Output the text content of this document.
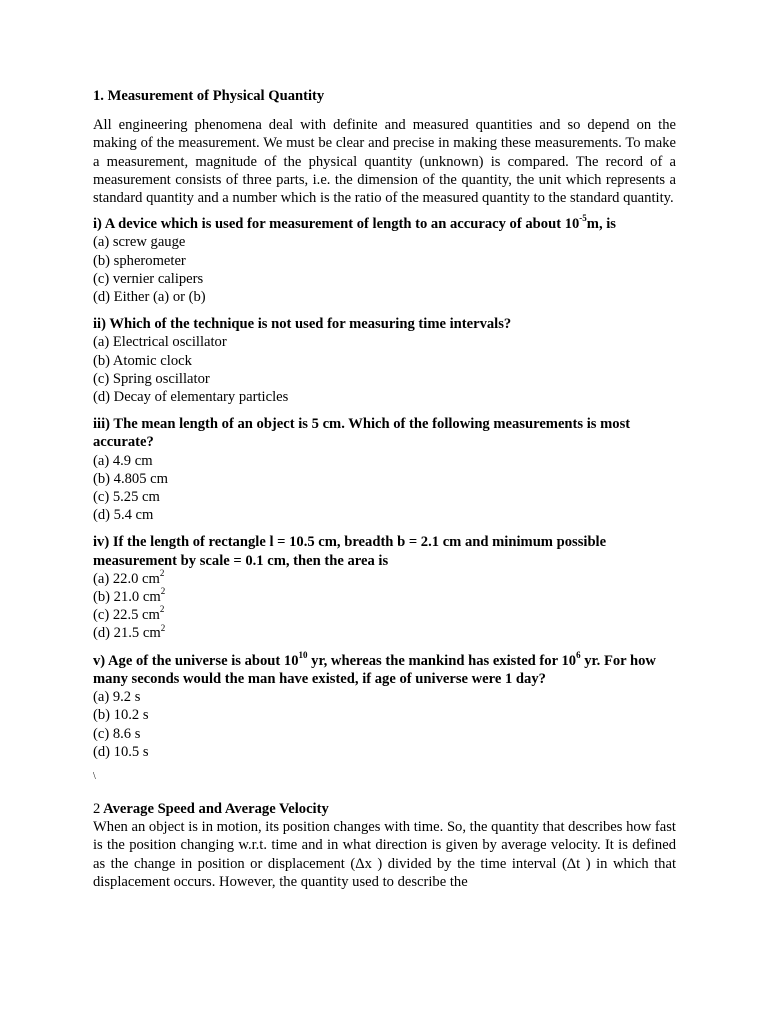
1. Measurement of Physical Quantity

All engineering phenomena deal with definite and measured quantities and so depend on the making of the measurement. We must be clear and precise in making these measurements. To make a measurement, magnitude of the physical quantity (unknown) is compared. The record of a measurement consists of three parts, i.e. the dimension of the quantity, the unit which represents a standard quantity and a number which is the ratio of the measured quantity to the standard quantity.

i) A device which is used for measurement of length to an accuracy of about $10^{-5}m$, is
(a) screw gauge
(b) spherometer
(c) vernier calipers
(d) Either (a) or (b)
ii) Which of the technique is not used for measuring time intervals?
(a) Electrical oscillator
(b) Atomic clock
(c) Spring oscillator
(d) Decay of elementary particles
iii) The mean length of an object is 5 cm. Which of the following measurements is most accurate?
(a) 4.9 cm
(b) 4.805 cm
(c) 5.25 cm
(d) 5.4 cm
iv) If the length of rectangle l = 10.5 cm, breadth b = 2.1 cm and minimum possible measurement by scale = 0.1 cm, then the area is
(a) 22.0 $cm^2$
(b) 21.0 $cm^2$
(c) 22.5 $cm^2$
(d) 21.5 $cm^2$
v) Age of the universe is about $10^{10}$ yr, whereas the mankind has existed for $10^6$ yr. For how many seconds would the man have existed, if age of universe were 1 day?
(a) 9.2 s
(b) 10.2 s
(c) 8.6 s
(d) 10.5 s
\
2 Average Speed and Average Velocity

When an object is in motion, its position changes with time. So, the quantity that describes how fast is the position changing w.r.t. time and in what direction is given by average velocity. It is defined as the change in position or displacement (Δx ) divided by the time interval (Δt ) in which that displacement occurs. However, the quantity used to describe the
